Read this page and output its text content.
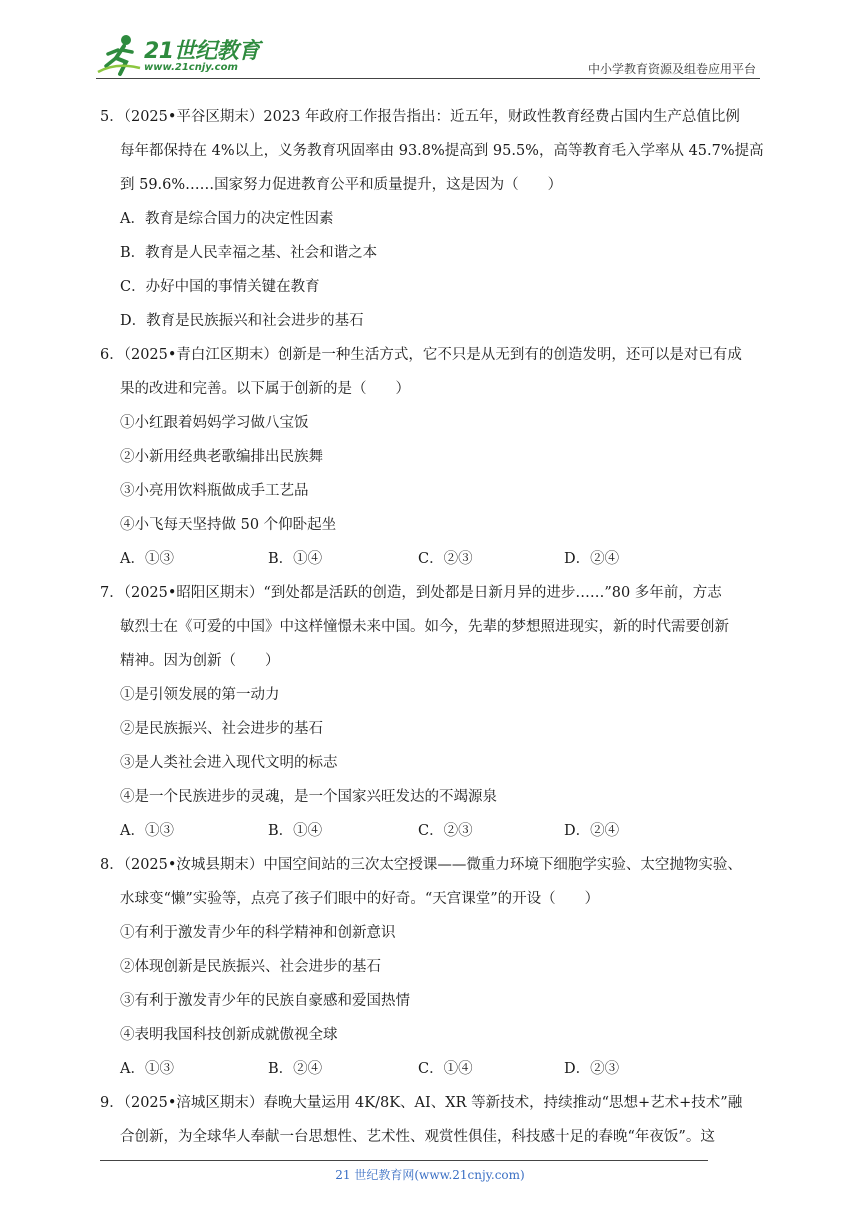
21世纪教育
www.21cnjy.com	中小学教育资源及组卷应用平台
5．（2025•平谷区期末）2023 年政府工作报告指出：近五年，财政性教育经费占国内生产总值比例
每年都保持在 4%以上，义务教育巩固率由 93.8%提高到 95.5%，高等教育毛入学率从 45.7%提高
到 59.6%……国家努力促进教育公平和质量提升，这是因为（　　）
A．教育是综合国力的决定性因素
B．教育是人民幸福之基、社会和谐之本
C．办好中国的事情关键在教育
D．教育是民族振兴和社会进步的基石
6．（2025•青白江区期末）创新是一种生活方式，它不只是从无到有的创造发明，还可以是对已有成
果的改进和完善。以下属于创新的是（　　）
①小红跟着妈妈学习做八宝饭
②小新用经典老歌编排出民族舞
③小亮用饮料瓶做成手工艺品
④小飞每天坚持做 50 个仰卧起坐
A．①③	B．①④	C．②③	D．②④
7．（2025•昭阳区期末）“到处都是活跃的创造，到处都是日新月异的进步……”80 多年前，方志
敏烈士在《可爱的中国》中这样憧憬未来中国。如今，先辈的梦想照进现实，新的时代需要创新
精神。因为创新（　　）
①是引领发展的第一动力
②是民族振兴、社会进步的基石
③是人类社会进入现代文明的标志
④是一个民族进步的灵魂，是一个国家兴旺发达的不竭源泉
A．①③	B．①④	C．②③	D．②④
8．（2025•汝城县期末）中国空间站的三次太空授课——微重力环境下细胞学实验、太空抛物实验、
水球变“懒”实验等，点亮了孩子们眼中的好奇。“天宫课堂”的开设（　　）
①有利于激发青少年的科学精神和创新意识
②体现创新是民族振兴、社会进步的基石
③有利于激发青少年的民族自豪感和爱国热情
④表明我国科技创新成就傲视全球
A．①③	B．②④	C．①④	D．②③
9．（2025•涪城区期末）春晚大量运用 4K/8K、AI、XR 等新技术，持续推动“思想+艺术+技术”融
合创新，为全球华人奉献一台思想性、艺术性、观赏性俱佳，科技感十足的春晚“年夜饭”。这
21 世纪教育网(www.21cnjy.com)
